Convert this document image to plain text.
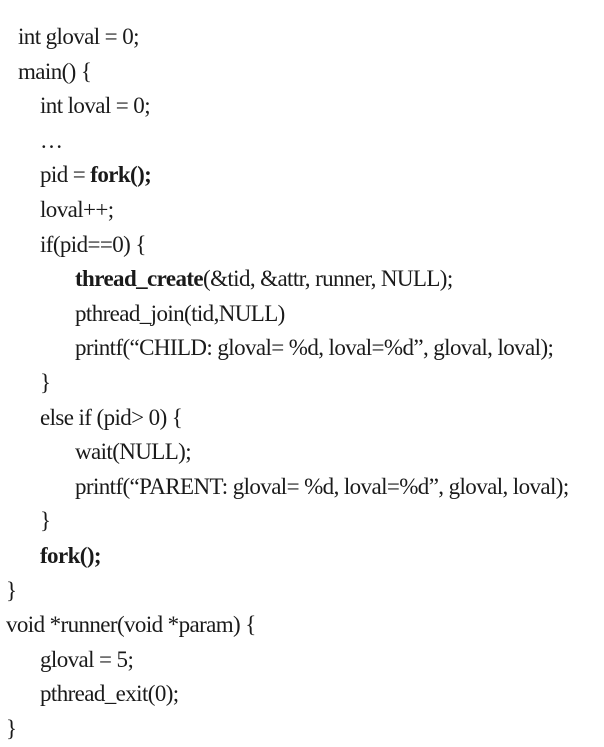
int gloval = 0;
main() {
int loval = 0;
…
pid = fork();
loval++;
if(pid==0) {
thread_create(&tid, &attr, runner, NULL);
pthread_join(tid,NULL)
printf(“CHILD: gloval= %d, loval=%d”, gloval, loval);
}
else if (pid> 0) {
wait(NULL);
printf(“PARENT: gloval= %d, loval=%d”, gloval, loval);
}
fork();
}
void *runner(void *param) {
gloval = 5;
pthread_exit(0);
}
